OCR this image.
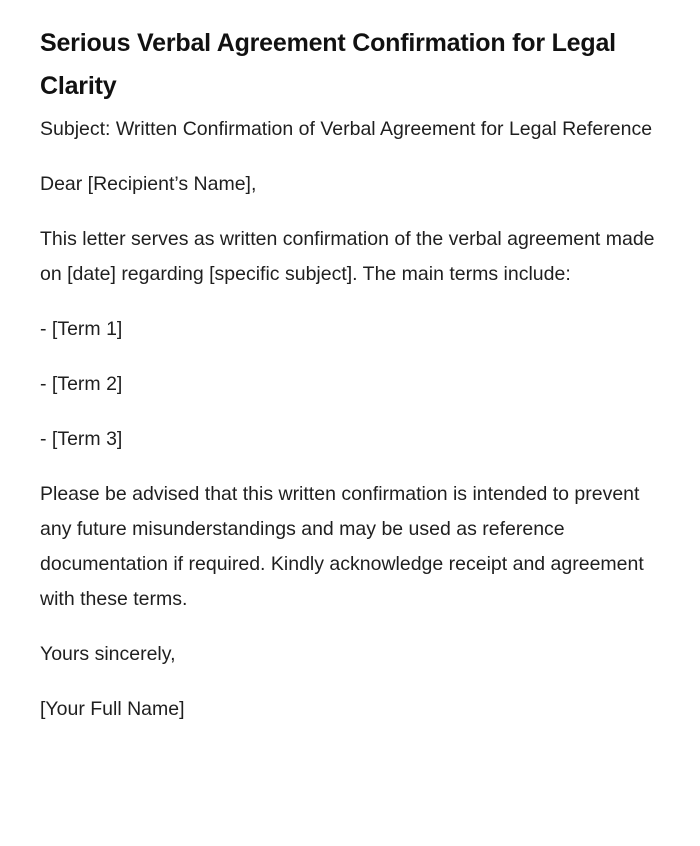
Serious Verbal Agreement Confirmation for Legal Clarity

Subject: Written Confirmation of Verbal Agreement for Legal Reference

Dear [Recipient’s Name],

This letter serves as written confirmation of the verbal agreement made on [date] regarding [specific subject]. The main terms include:

- [Term 1]

- [Term 2]

- [Term 3]

Please be advised that this written confirmation is intended to prevent any future misunderstandings and may be used as reference documentation if required. Kindly acknowledge receipt and agreement with these terms.

Yours sincerely,

[Your Full Name]
